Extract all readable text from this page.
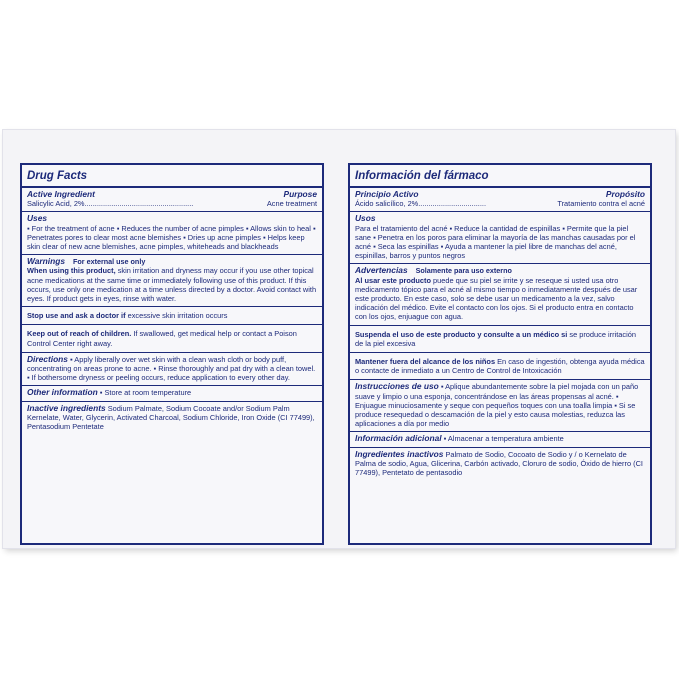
Drug Facts
Active Ingredient	Purpose
Salicylic Acid, 2%.....................................................	Acne treatment
Uses
▪ For the treatment of acne ▪ Reduces the number of acne pimples ▪ Allows skin to heal ▪ Penetrates pores to clear most acne blemishes ▪ Dries up acne pimples ▪ Helps keep skin clear of new acne blemishes, acne pimples, whiteheads and blackheads
Warnings For external use only
When using this product, skin irritation and dryness may occur if you use other topical acne medications at the same time or immediately following use of this product. If this occurs, use only one medication at a time unless directed by a doctor. Avoid contact with eyes. If product gets in eyes, rinse with water.
Stop use and ask a doctor if excessive skin irritation occurs
Keep out of reach of children. If swallowed, get medical help or contact a Poison Control Center right away.
Directions ▪ Apply liberally over wet skin with a clean wash cloth or body puff, concentrating on areas prone to acne. ▪ Rinse thoroughly and pat dry with a clean towel. ▪ If bothersome dryness or peeling occurs, reduce application to every other day.
Other information ▪ Store at room temperature
Inactive ingredients Sodium Palmate, Sodium Cocoate and/or Sodium Palm Kernelate, Water, Glycerin, Activated Charcoal, Sodium Chloride, Iron Oxide (CI 77499), Pentasodium Pentetate
Información del fármaco
Principio Activo	Propósito
Ácido salicílico, 2%.................................	Tratamiento contra el acné
Usos
Para el tratamiento del acné ▪ Reduce la cantidad de espinillas ▪ Permite que la piel sane ▪ Penetra en los poros para eliminar la mayoría de las manchas causadas por el acné ▪ Seca las espinillas ▪ Ayuda a mantener la piel libre de manchas del acné, espinillas, barros y puntos negros
Advertencias Solamente para uso externo
Al usar este producto puede que su piel se irrite y se reseque si usted usa otro medicamento tópico para el acné al mismo tiempo o inmediatamente después de usar este producto. En este caso, solo se debe usar un medicamento a la vez, salvo indicación del médico. Evite el contacto con los ojos. Si el producto entra en contacto con los ojos, enjuague con agua.
Suspenda el uso de este producto y consulte a un médico si se produce irritación de la piel excesiva
Mantener fuera del alcance de los niños En caso de ingestión, obtenga ayuda médica o contacte de inmediato a un Centro de Control de Intoxicación
Instrucciones de uso ▪ Aplique abundantemente sobre la piel mojada con un paño suave y limpio o una esponja, concentrándose en las áreas propensas al acné. ▪ Enjuague minuciosamente y seque con pequeños toques con una toalla limpia ▪ Si se produce resequedad o descamación de la piel y esto causa molestias, reduzca las aplicaciones a día por medio
Información adicional ▪ Almacenar a temperatura ambiente
Ingredientes inactivos Palmato de Sodio, Cocoato de Sodio y / o Kernelato de Palma de sodio, Agua, Glicerina, Carbón activado, Cloruro de sodio, Óxido de hierro (CI 77499), Pentetato de pentasodio
